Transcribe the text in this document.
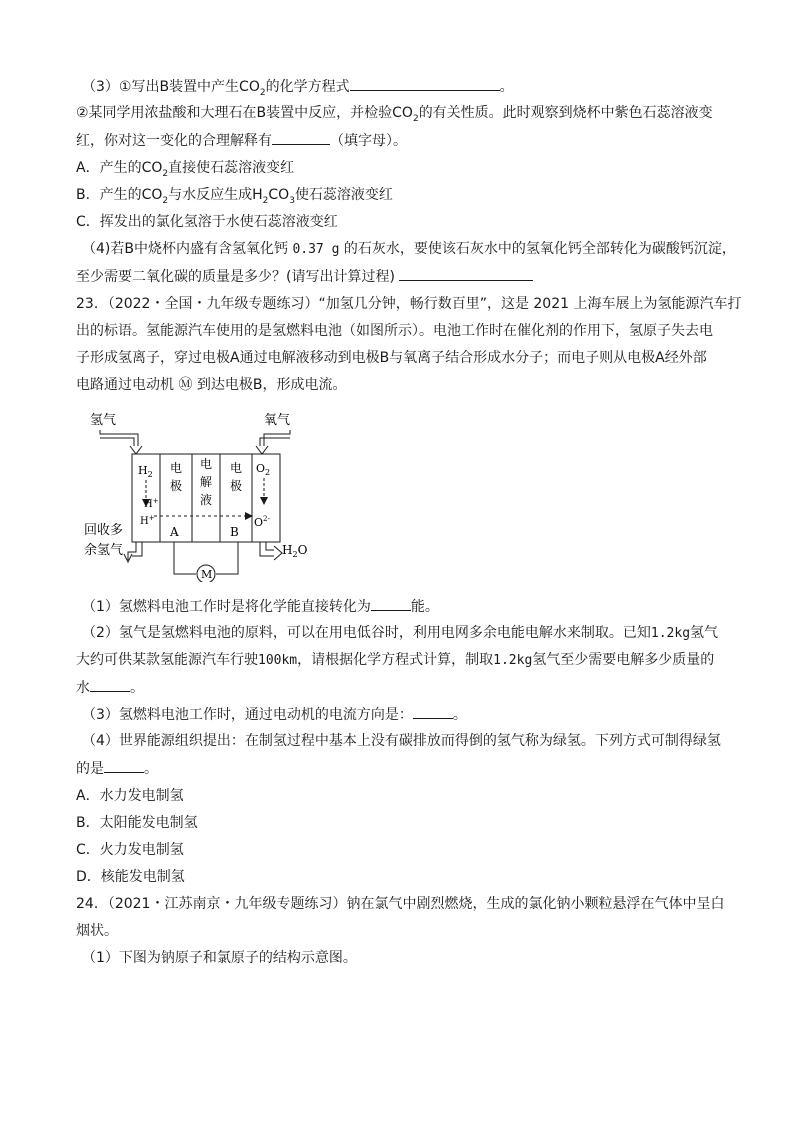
（3）①写出B装置中产生$CO_2$的化学方程式	。
②某同学用浓盐酸和大理石在B装置中反应，并检验$CO_2$的有关性质。此时观察到烧杯中紫色石蕊溶液变
红，你对这一变化的合理解释有	（填字母）。
A．产生的$CO_2$直接使石蕊溶液变红
B．产生的$CO_2$与水反应生成$H_2CO_3$使石蕊溶液变红
C．挥发出的氯化氢溶于水使石蕊溶液变红
（4)若B中烧杯内盛有含氢氧化钙 0.37 g 的石灰水，要使该石灰水中的氢氧化钙全部转化为碳酸钙沉淀，
至少需要二氧化碳的质量是多少？(请写出计算过程)
23．（2022・全国・九年级专题练习）“加氢几分钟，畅行数百里”，这是 2021 上海车展上为氢能源汽车打
出的标语。氢能源汽车使用的是氢燃料电池（如图所示）。电池工作时在催化剂的作用下，氢原子失去电
子形成氢离子，穿过电极A通过电解液移动到电极B与氧离子结合形成水分子；而电子则从电极A经外部
电路通过电动机 Ⓜ 到达电极B，形成电流。
氢气	氧气
$H_2$
H+
H+
电
极
A
电
解
液
电
极
B
$O_2$
$O^{2-}$
回收多
余氢气	$H_2O$
M
（1）氢燃料电池工作时是将化学能直接转化为	能。
（2）氢气是氢燃料电池的原料，可以在用电低谷时，利用电网多余电能电解水来制取。已知1.2kg氢气
大约可供某款氢能源汽车行驶100km，请根据化学方程式计算，制取1.2kg氢气至少需要电解多少质量的
水	。
（3）氢燃料电池工作时，通过电动机的电流方向是：	。
（4）世界能源组织提出：在制氢过程中基本上没有碳排放而得倒的氢气称为绿氢。下列方式可制得绿氢
的是	。
A．水力发电制氢
B．太阳能发电制氢
C．火力发电制氢
D．核能发电制氢
24．（2021・江苏南京・九年级专题练习）钠在氯气中剧烈燃烧，生成的氯化钠小颗粒悬浮在气体中呈白
烟状。
（1）下图为钠原子和氯原子的结构示意图。
